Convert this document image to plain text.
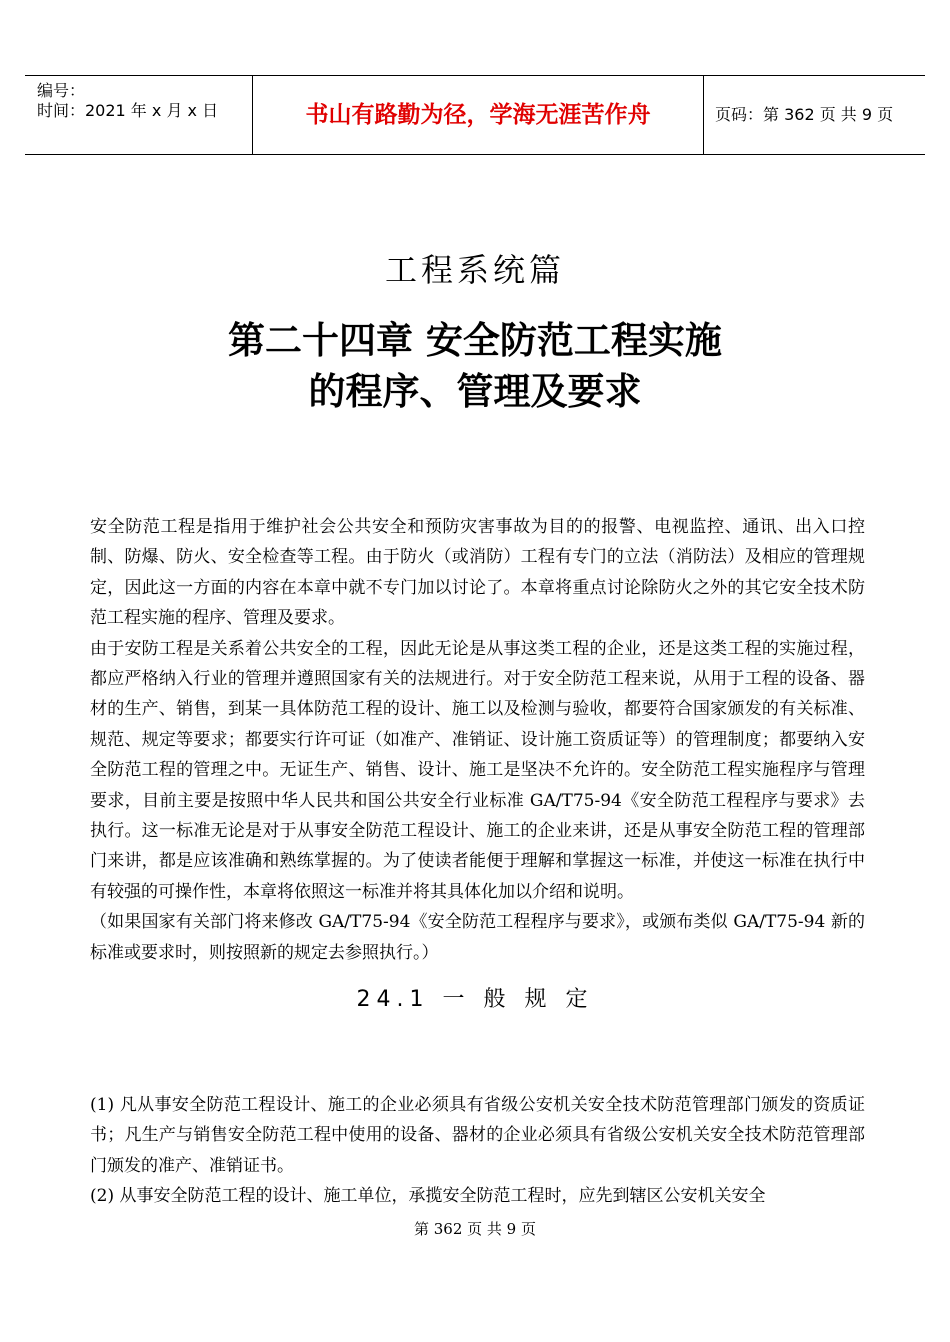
编号：
时间：2021 年 x 月 x 日	书山有路勤为径，学海无涯苦作舟	页码：第 362 页 共 9 页
工程系统篇
第二十四章 安全防范工程实施
的程序、管理及要求

安全防范工程是指用于维护社会公共安全和预防灾害事故为目的的报警、电视监控、通讯、出入口控制、防爆、防火、安全检查等工程。由于防火（或消防）工程有专门的立法（消防法）及相应的管理规定，因此这一方面的内容在本章中就不专门加以讨论了。本章将重点讨论除防火之外的其它安全技术防范工程实施的程序、管理及要求。

由于安防工程是关系着公共安全的工程，因此无论是从事这类工程的企业，还是这类工程的实施过程，都应严格纳入行业的管理并遵照国家有关的法规进行。对于安全防范工程来说，从用于工程的设备、器材的生产、销售，到某一具体防范工程的设计、施工以及检测与验收，都要符合国家颁发的有关标准、规范、规定等要求；都要实行许可证（如准产、准销证、设计施工资质证等）的管理制度；都要纳入安全防范工程的管理之中。无证生产、销售、设计、施工是坚决不允许的。安全防范工程实施程序与管理要求，目前主要是按照中华人民共和国公共安全行业标准 GA/T75-94《安全防范工程程序与要求》去执行。这一标准无论是对于从事安全防范工程设计、施工的企业来讲，还是从事安全防范工程的管理部门来讲，都是应该准确和熟练掌握的。为了使读者能便于理解和掌握这一标准，并使这一标准在执行中有较强的可操作性，本章将依照这一标准并将其具体化加以介绍和说明。

（如果国家有关部门将来修改 GA/T75-94《安全防范工程程序与要求》，或颁布类似 GA/T75-94 新的标准或要求时，则按照新的规定去参照执行。）

24.1 一 般 规 定

(1) 凡从事安全防范工程设计、施工的企业必须具有省级公安机关安全技术防范管理部门颁发的资质证书；凡生产与销售安全防范工程中使用的设备、器材的企业必须具有省级公安机关安全技术防范管理部门颁发的准产、准销证书。

(2) 从事安全防范工程的设计、施工单位，承揽安全防范工程时，应先到辖区公安机关安全

第 362 页 共 9 页
